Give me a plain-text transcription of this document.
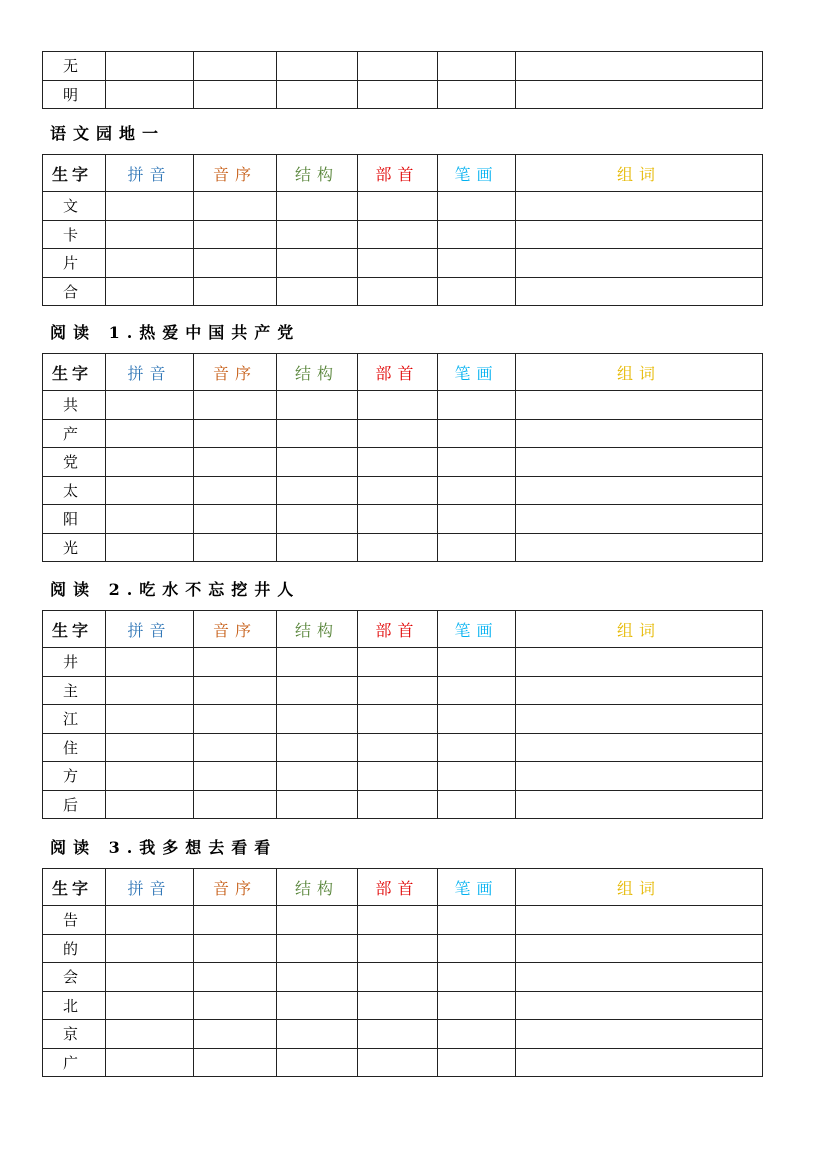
语文园地一
阅读 1.热爱中国共产党
阅读 2.吃水不忘挖井人
阅读 3.我多想去看看
无						
明						
生字	拼音	音序	结构	部首	笔画	组词
文						
卡						
片						
合						
生字	拼音	音序	结构	部首	笔画	组词
共						
产						
党						
太						
阳						
光						
生字	拼音	音序	结构	部首	笔画	组词
井						
主						
江						
住						
方						
后						
生字	拼音	音序	结构	部首	笔画	组词
告						
的						
会						
北						
京						
广						
